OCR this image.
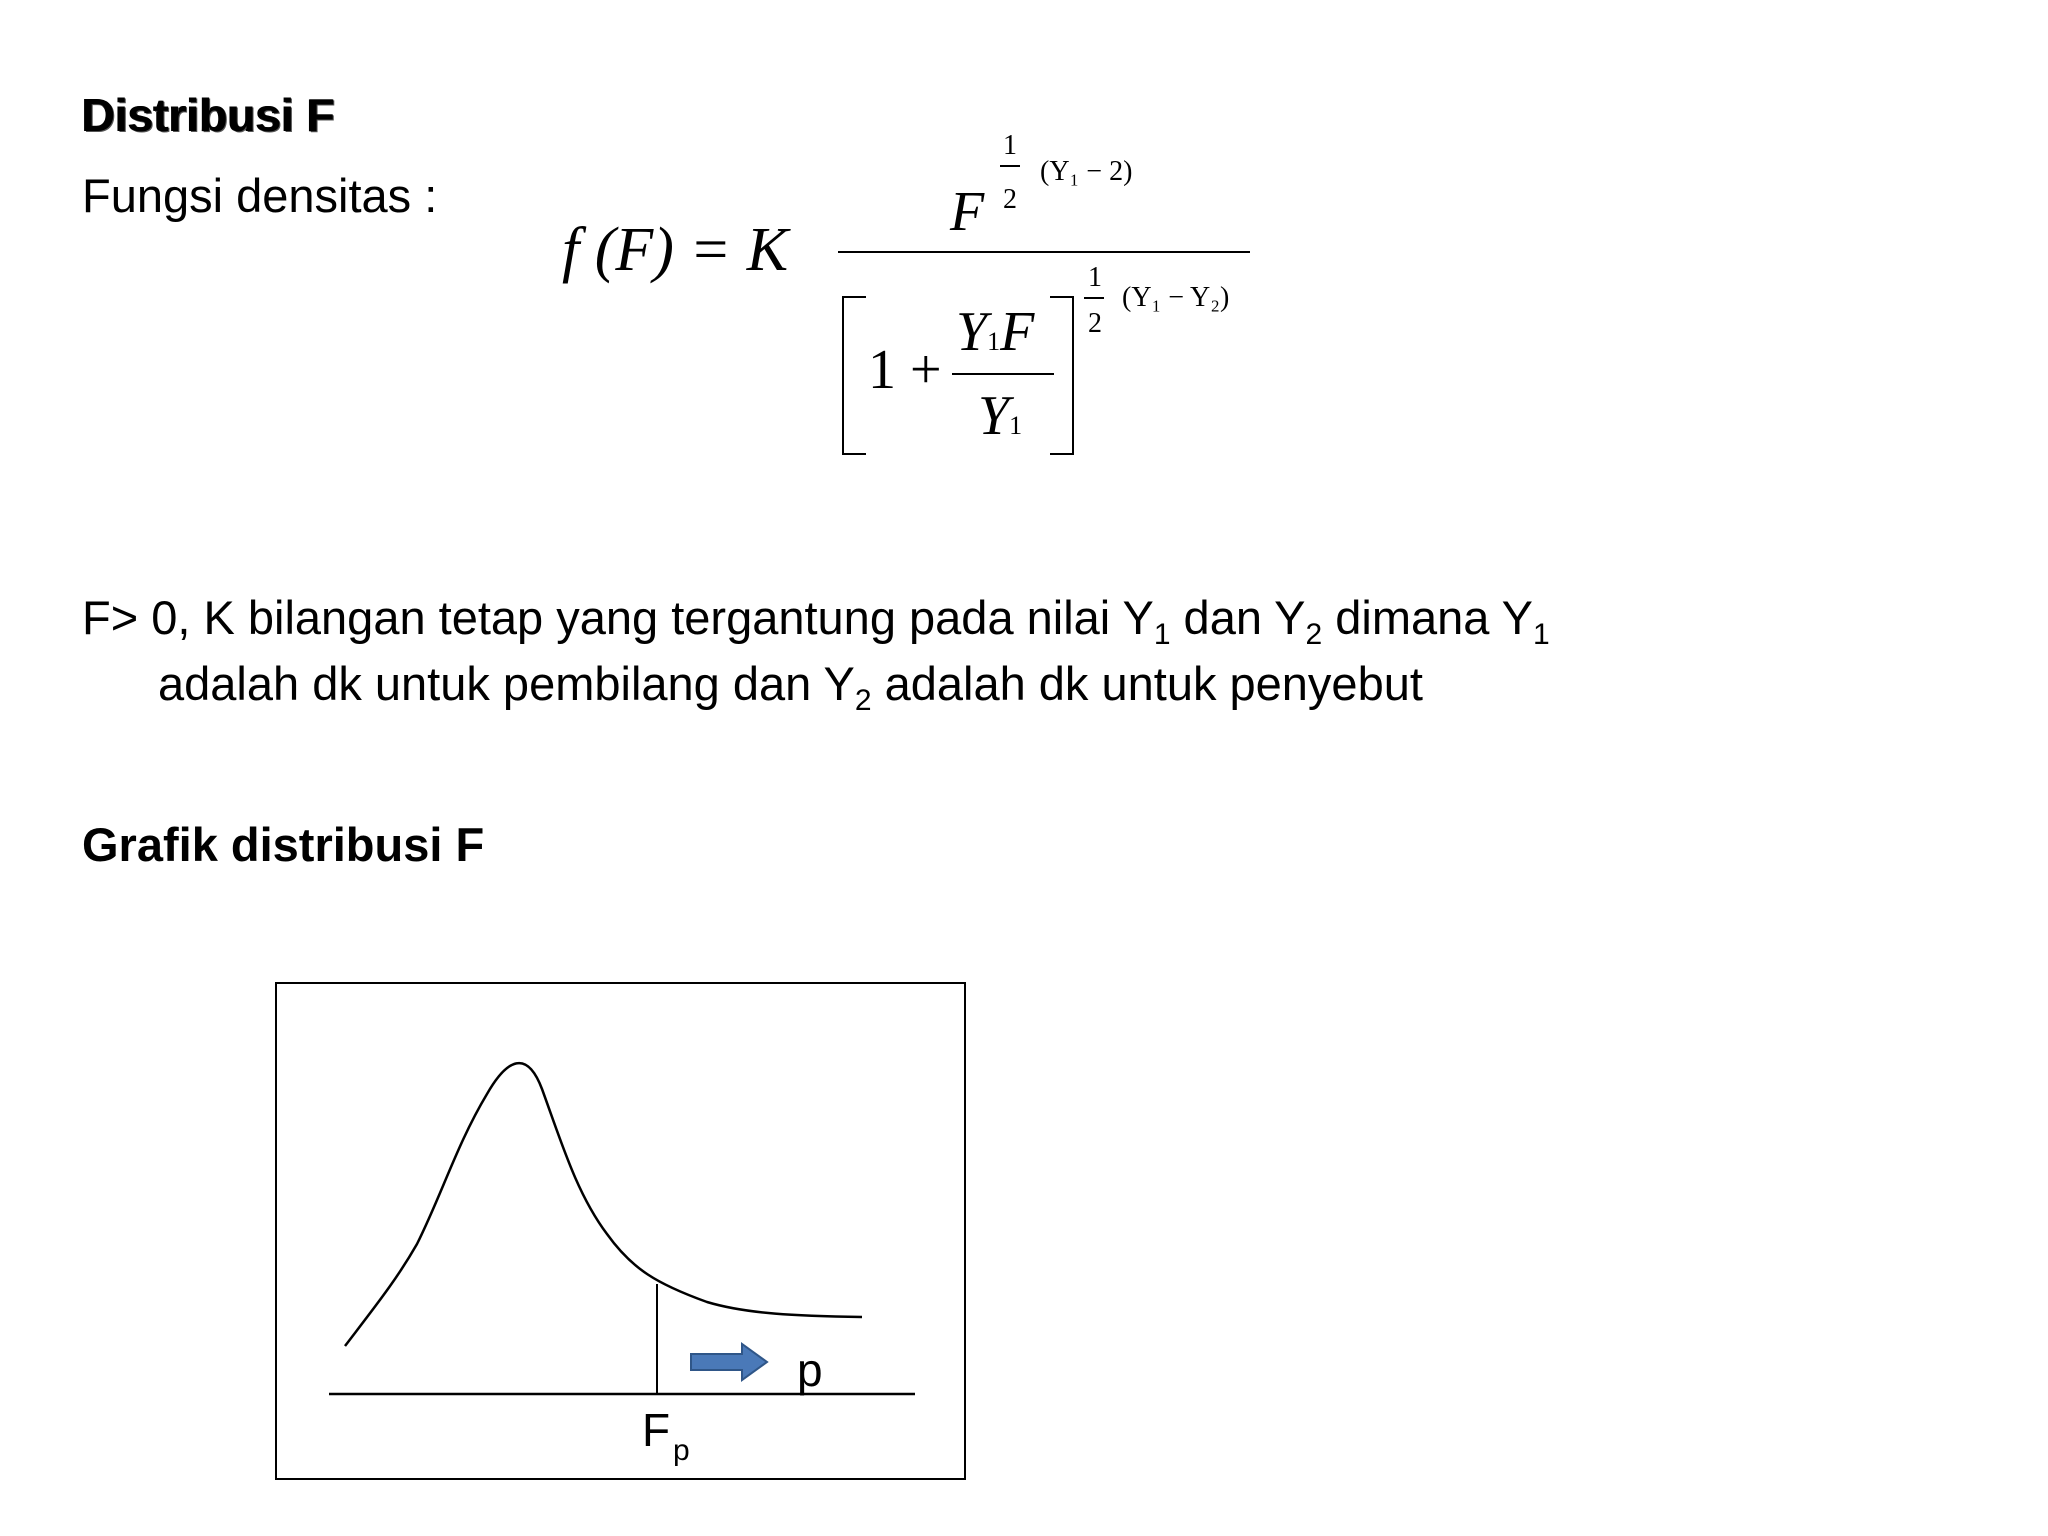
Distribusi F
Fungsi densitas :
f (F) = K
F
1
2
(Y₁ − 2)
1 +
Y1F
Y1
1
2
(Y₁ − Y₂)
F> 0, K bilangan tetap yang tergantung pada nilai $Y_1$ dan $Y_2$ dimana $Y_1$
adalah dk untuk pembilang dan $Y_2$ adalah dk untuk penyebut
Grafik distribusi F
p
F p
